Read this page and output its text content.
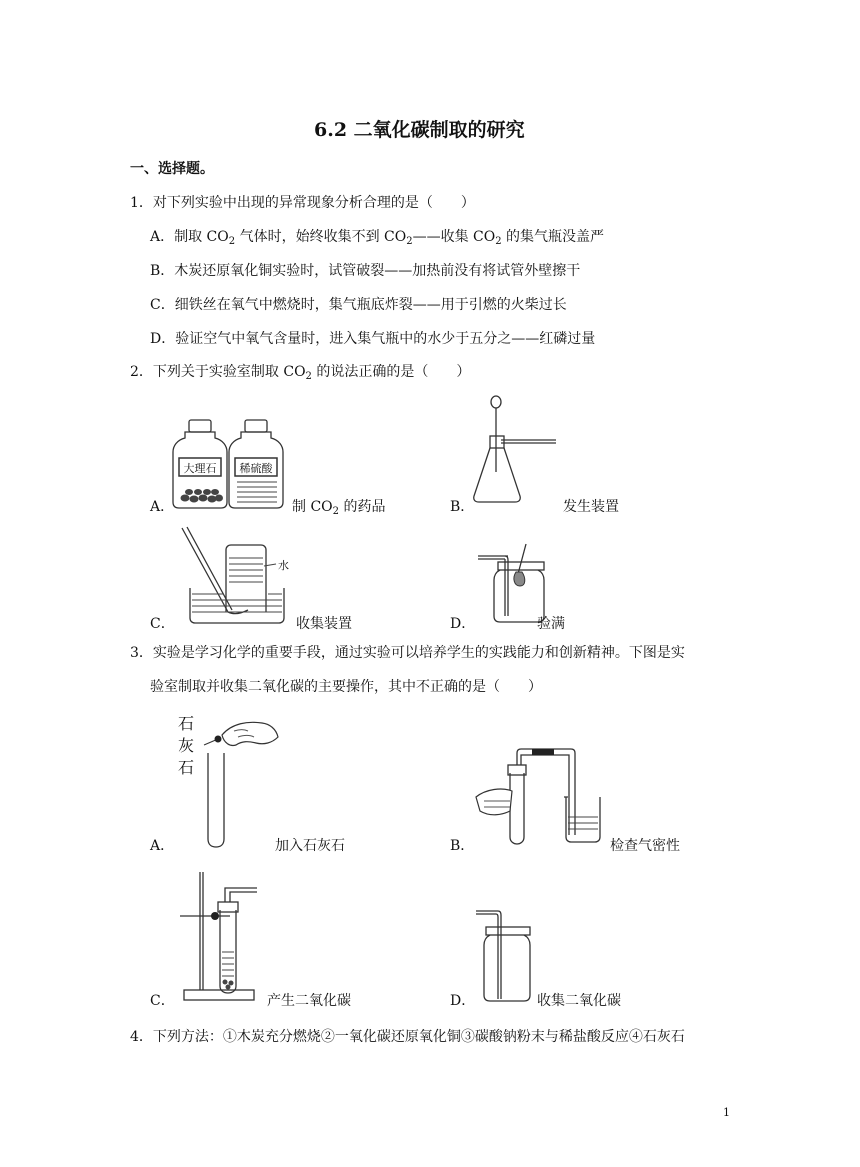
6.2 二氧化碳制取的研究
一、选择题。
1．对下列实验中出现的异常现象分析合理的是（　　）
A．制取 $CO_2$ 气体时，始终收集不到 $CO_2——$收集 $CO_2$ 的集气瓶没盖严
B．木炭还原氧化铜实验时，试管破裂——加热前没有将试管外壁擦干
C．细铁丝在氧气中燃烧时，集气瓶底炸裂——用于引燃的火柴过长
D．验证空气中氧气含量时，进入集气瓶中的水少于五分之——红磷过量
2．下列关于实验室制取 $CO_2$ 的说法正确的是（　　）
大理石 稀硫酸
A．	制 $CO_2$ 的药品	B．	发生装置
水
C．	收集装置	D．	验满
3．实验是学习化学的重要手段，通过实验可以培养学生的实践能力和创新精神。下图是实
验室制取并收集二氧化碳的主要操作，其中不正确的是（　　）
石
灰
石
A．	加入石灰石	B．	检查气密性
C．	产生二氧化碳	D．	收集二氧化碳
4．下列方法：①木炭充分燃烧②一氧化碳还原氧化铜③碳酸钠粉末与稀盐酸反应④石灰石
1
